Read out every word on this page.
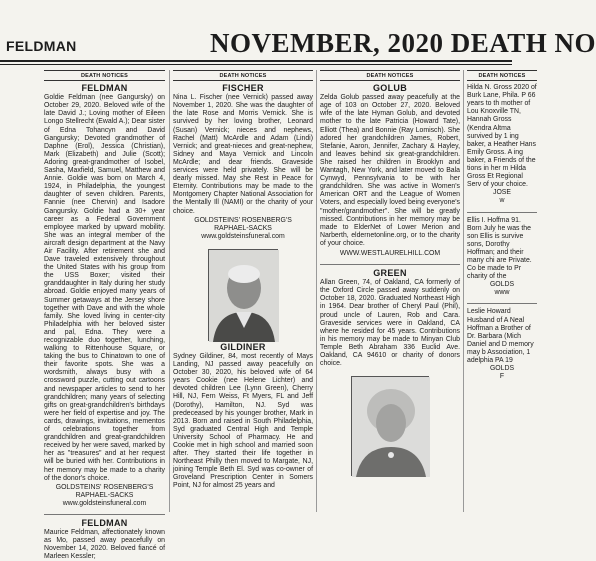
FELDMAN	NOVEMBER, 2020 DEATH NO
DEATH NOTICES
FELDMAN

Goldie Feldman (nee Gangursky) on October 29, 2020. Beloved wife of the late David J.; Loving mother of Eileen Longo Stellrecht (Ewald A.); Dear sister of Edna Tohancyn and David Gangursky; Devoted grandmother of Daphne (Erol), Jessica (Christian), Mark (Elizabeth) and Julie (Scott); Adoring great-grandmother of Isobel, Sasha, Maxfield, Samuel, Matthew and Annie. Goldie was born on March 4, 1924, in Philadelphia, the youngest daughter of seven children. Parents, Fannie (nee Chervin) and Isadore Gangursky. Goldie had a 30+ year career as a Federal Government employee marked by upward mobility. She was an integral member of the aircraft design department at the Navy Air Facility. After retirement she and Dave traveled extensively throughout the United States with his group from the USS Boxer; visited their granddaughter in Italy during her study abroad. Goldie enjoyed many years of Summer getaways at the Jersey shore together with Dave and with the whole family. She loved living in center-city Philadelphia with her beloved sister and pal, Edna. They were a recognizable duo together, lunching, walking to Rittenhouse Square, or taking the bus to Chinatown to one of their favorite spots. She was a wordsmith, always busy with a crossword puzzle, cutting out cartoons and newspaper articles to send to her grandchildren; many years of selecting gifts on great-grandchildren's birthdays were her field of expertise and joy. The cards, drawings, invitations, mementos of celebrations together from grandchildren and great-grandchildren received by her were saved, marked by her as "treasures" and at her request will be buried with her. Contributions in her memory may be made to a charity of the donor's choice.

GOLDSTEINS' ROSENBERG'S
RAPHAEL-SACKS
www.goldsteinsfuneral.com
FELDMAN

Maurice Feldman, affectionately known as Mo, passed away peacefully on November 14, 2020. Beloved fiancé of Marleen Kessler;

DEATH NOTICES
FISCHER

Nina L. Fischer (nee Vernick) passed away November 1, 2020. She was the daughter of the late Rose and Morris Vernick. She is survived by her loving brother, Leonard (Susan) Vernick; nieces and nephews, Rachel (Matt) McArdle and Adam (Lindi) Vernick; and great-nieces and great-nephew, Sidney and Maya Vernick and Lincoln McArdle; and dear friends. Graveside services were held privately. She will be dearly missed. May she Rest in Peace for Eternity. Contributions may be made to the Montgomery Chapter National Association for the Mentally Ill (NAMI) or the charity of your choice.

GOLDSTEINS' ROSENBERG'S
RAPHAEL-SACKS
www.goldsteinsfuneral.com
GILDINER

Sydney Gildiner, 84, most recently of Mays Landing, NJ passed away peacefully on October 30, 2020, his beloved wife of 64 years Cookie (nee Helene Lichter) and devoted children Lee (Lynn Green), Cherry Hill, NJ, Fern Weiss, Ft Myers, FL and Jeff (Dorothy), Hamilton, NJ. Syd was predeceased by his younger brother, Mark in 2013. Born and raised in South Philadelphia, Syd graduated Central High and Temple University School of Pharmacy. He and Cookie met in high school and married soon after. They started their life together in Northeast Philly then moved to Margate, NJ, joining Temple Beth El. Syd was co-owner of Groveland Prescription Center in Somers Point, NJ for almost 25 years and

DEATH NOTICES
GOLUB

Zelda Golub passed away peacefully at the age of 103 on October 27, 2020. Beloved wife of the late Hyman Golub, and devoted mother to the late Patricia (Howard Tate), Elliott (Thea) and Bonnie (Ray Lomisch). She adored her grandchildren James, Robert, Stefanie, Aaron, Jennifer, Zachary & Hayley, and leaves behind six great-grandchildren. She raised her children in Brooklyn and Wantagh, New York, and later moved to Bala Cynwyd, Pennsylvania to be with her grandchildren. She was active in Women's American ORT and the League of Women Voters, and especially loved being everyone's "mother/grandmother". She will be greatly missed. Contributions in her memory may be made to ElderNet of Lower Merion and Narberth, eldernetonline.org, or to the charity of your choice.

WWW.WESTLAURELHILL.COM
GREEN

Allan Green, 74, of Oakland, CA formerly of the Oxford Circle passed away suddenly on October 18, 2020. Graduated Northeast High in 1964. Dear brother of Cheryl Paul (Phil), proud uncle of Lauren, Rob and Cara. Graveside services were in Oakland, CA where he resided for 45 years. Contributions in his memory may be made to Minyan Club Temple Beth Abraham 336 Euclid Ave. Oakland, CA 94610 or charity of donors choice.

DEATH NOTICES

Hilda N. Gross 2020 of Burk Lane, Phila. P 66 years to th mother of Lou Knoxville TN, Hannah Gross (Kendra Altma survived by 1 ing baker, a Heather Hans Emily Gross. A ing baker, a Friends of the tions in her m Hilda Gross Et Regional Serv of your choice.

JOSE
w

Ellis I. Hoffma 91. Born July he was the son Ellis is survive sons, Dorothy Hoffman; and their many chi are Private. Co be made to Pr charity of the

GOLDS
www

Leslie Howard Husband of A Neal Hoffman a Brother of Dr. Barbara (Mich Daniel and D memory may b Association, 1 adelphia PA 19

GOLDS
F
